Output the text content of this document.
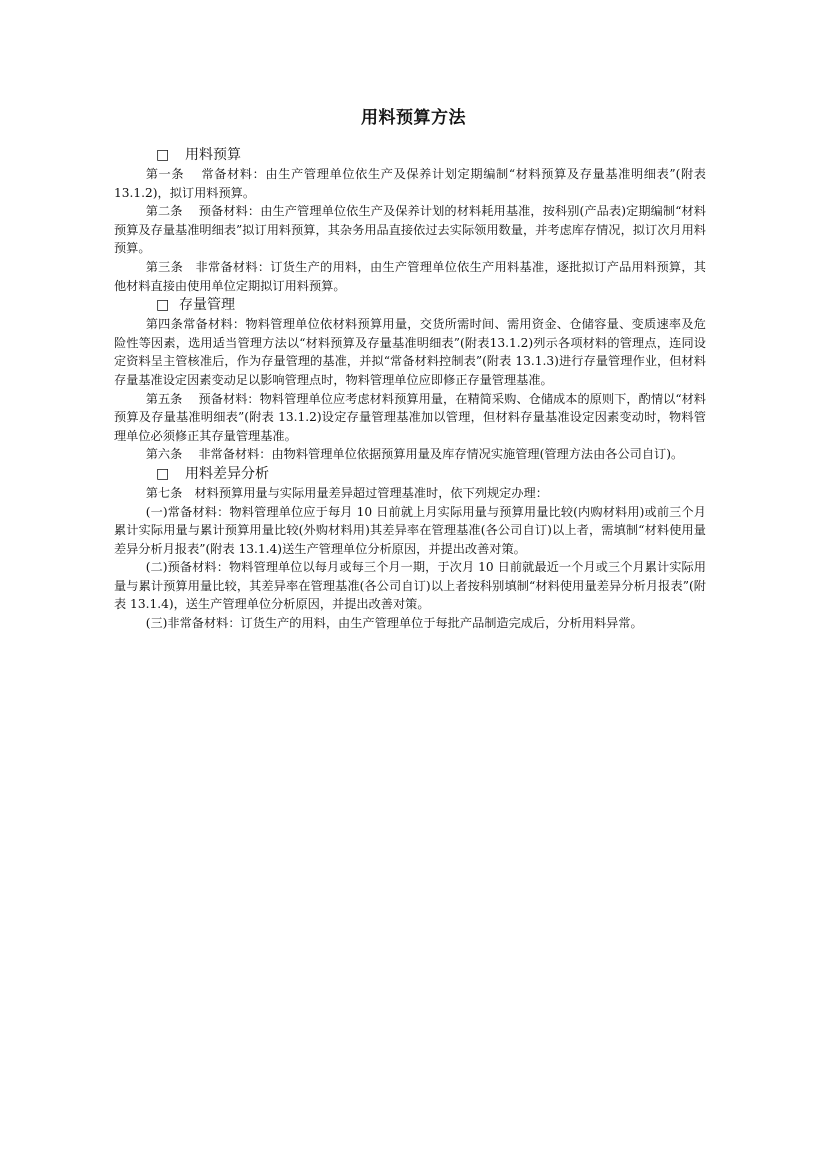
用料预算方法
□ 用料预算

第一条　 常备材料：由生产管理单位依生产及保养计划定期编制“材料预算及存量基准明细表”(附表 13.1.2)，拟订用料预算。

第二条　 预备材料：由生产管理单位依生产及保养计划的材料耗用基准，按科别(产品表)定期编制“材料预算及存量基准明细表”拟订用料预算，其杂务用品直接依过去实际领用数量，并考虑库存情况，拟订次月用料预算。

第三条　非常备材料：订货生产的用料，由生产管理单位依生产用料基准，逐批拟订产品用料预算，其他材料直接由使用单位定期拟订用料预算。

□ 存量管理

第四条常备材料：物料管理单位依材料预算用量，交货所需时间、需用资金、仓储容量、变质速率及危险性等因素，选用适当管理方法以“材料预算及存量基准明细表”(附表13.1.2)列示各项材料的管理点，连同设定资料呈主管核准后，作为存量管理的基准，并拟“常备材料控制表”(附表 13.1.3)进行存量管理作业，但材料存量基准设定因素变动足以影响管理点时，物料管理单位应即修正存量管理基准。

第五条　 预备材料：物料管理单位应考虑材料预算用量，在精简采购、仓储成本的原则下，酌情以“材料预算及存量基准明细表”(附表 13.1.2)设定存量管理基准加以管理，但材料存量基准设定因素变动时，物料管理单位必须修正其存量管理基准。

第六条　 非常备材料：由物料管理单位依据预算用量及库存情况实施管理(管理方法由各公司自订)。

□ 用料差异分析

第七条　材料预算用量与实际用量差异超过管理基准时，依下列规定办理：

(一)常备材料：物料管理单位应于每月 10 日前就上月实际用量与预算用量比较(内购材料用)或前三个月累计实际用量与累计预算用量比较(外购材料用)其差异率在管理基准(各公司自订)以上者，需填制“材料使用量差异分析月报表”(附表 13.1.4)送生产管理单位分析原因，并提出改善对策。

(二)预备材料：物料管理单位以每月或每三个月一期，于次月 10 日前就最近一个月或三个月累计实际用量与累计预算用量比较，其差异率在管理基准(各公司自订)以上者按科别填制“材料使用量差异分析月报表”(附表 13.1.4)，送生产管理单位分析原因，并提出改善对策。

(三)非常备材料：订货生产的用料，由生产管理单位于每批产品制造完成后，分析用料异常。
